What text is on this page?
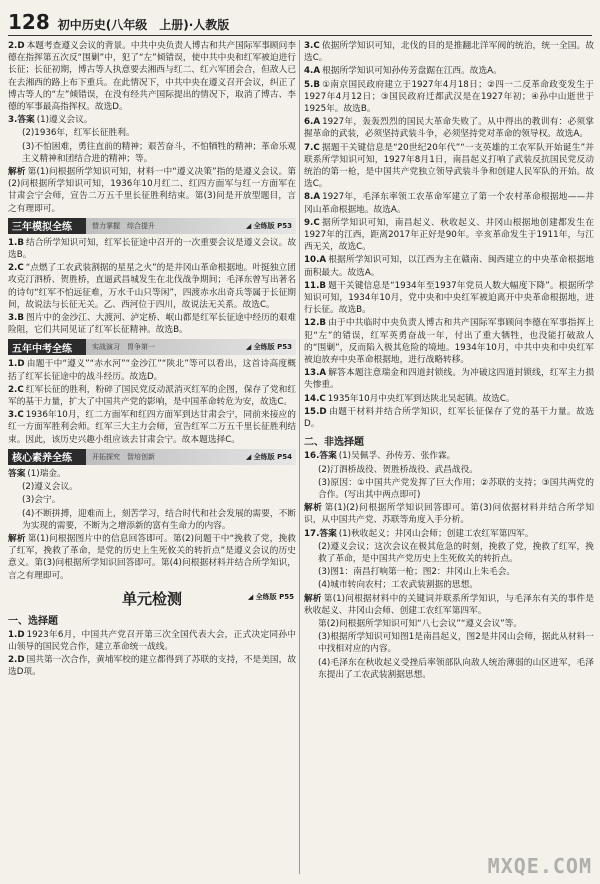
128 初中历史(八年级　上册)·人教版

2.D 本题考查遵义会议的背景。中共中央负责人博古和共产国际军事顾问李德在指挥第五次反“围剿”中，犯了“左”倾错误，使中共中央和红军被迫进行长征；长征初期，博古等人执意要去湘西与红二、红六军团会合，但敌人已在去湘西的路上布下重兵。在此情况下，中共中央在遵义召开会议，纠正了博古等人的“左”倾错误，在没有经共产国际提出的情况下，取消了博古、李德的军事最高指挥权。故选D。

3.答案 (1)遵义会议。

(2)1936年，红军长征胜利。

(3)不怕困难，勇往直前的精神；艰苦奋斗，不怕牺牲的精神；革命乐观主义精神和团结合进的精神；等。

解析 第(1)问根据所学知识可知，材料一中“遵义决策”指的是遵义会议。第(2)问根据所学知识可知，1936年10月红二、红四方面军与红一方面军在甘肃会宁会师，宣告二万五千里长征胜利结束。第(3)问是开放型题目，言之有理即可。

三年模拟全练	替力掌握　综合提升	◢ 全练版 P53

1.B 结合所学知识可知，红军长征途中召开的一次重要会议是遵义会议。故选B。

2.C “点燃了工农武装割据的星星之火”的是井冈山革命根据地。叶挺独立团攻克汀泗桥、贺胜桥，直逼武昌城发生在北伐战争期间；毛泽东曾写出著名的诗句“红军不怕远征难，万水千山只等闲”，四渡赤水出奇兵等属于长征期间，故说法与长征无关。乙、西河位于四川，故说法无关系。故选C。

3.B 图片中的金沙江、大渡河、泸定桥、岷山都是红军长征途中经历的艰难险阻，它们共同见证了红军长征精神。故选B。

五年中考全练	实战演习　胃争第一	◢ 全练版 P53

1.D 由题干中“遵义”“赤水河”“金沙江”“陕北”等可以看出，这首诗高度概括了红军长征途中的战斗经历。故选D。

2.C 红军长征的胜利，粉碎了国民党反动派消灭红军的企图，保存了党和红军的基干力量，扩大了中国共产党的影响，是中国革命转危为安，故选C。

3.C 1936年10月，红二方面军和红四方面军到达甘肃会宁，同前来接应的红一方面军胜利会师。红军三大主力会师，宣告红军二万五千里长征胜利结束。因此，该历史兴趣小组应该去甘肃会宁。故本题选择C。

核心素养全练	开拓探究　智培创新	◢ 全练版 P54

答案 (1)瑞金。

(2)遵义会议。

(3)会宁。

(4)不断拼搏，迎难而上，刻苦学习，结合时代和社会发展的需要，不断为实现的需要，不断为之增添新的富有生命力的内容。

解析 第(1)问根据图片中的信息回答即可。第(2)问题干中“挽救了党，挽救了红军，挽救了革命，是党的历史上生死攸关的转折点”是遵义会议的历史意义。第(3)问根据所学知识回答即可。第(4)问根据材料并结合所学知识，言之有理即可。

单元检测	◢ 全练版 P55
一、选择题

1.D 1923年6月，中国共产党召开第三次全国代表大会，正式决定同孙中山领导的国民党合作，建立革命统一战线。

2.D 国共第一次合作，黄埔军校的建立都得到了苏联的支持，不是美国，故选D项。

3.C 依据所学知识可知，北伐的目的是推翻北洋军阀的统治，统一全国。故选C。

4.A 根据所学知识可知孙传芳盘踞在江西。故选A。

5.B ①南京国民政府建立于1927年4月18日；②四一二反革命政变发生于1927年4月12日；③国民政府迁都武汉是在1927年初；④孙中山逝世于1925年。故选B。

6.A 1927年，轰轰烈烈的国民大革命失败了。从中得出的教训有：必须掌握革命的武装，必须坚持武装斗争，必须坚持党对革命的领导权。故选A。

7.C 据题干关键信息是“20世纪20年代”“一支英雄的工农军队开始诞生”并联系所学知识可知，1927年8月1日，南昌起义打响了武装反抗国民党反动统治的第一枪，是中国共产党独立领导武装斗争和创建人民军队的开始。故选C。

8.A 1927年，毛泽东率领工农革命军建立了第一个农村革命根据地——井冈山革命根据地。故选A。

9.C 据所学知识可知，南昌起义、秋收起义、井冈山根据地创建都发生在1927年的江西，距离2017年正好是90年。辛亥革命发生于1911年，与江西无关，故选C。

10.A 根据所学知识可知，以江西为主在赣南、闽西建立的中央革命根据地面积最大。故选A。

11.B 题干关键信息是“1934年至1937年党员人数大幅度下降”。根据所学知识可知，1934年10月，党中央和中央红军被迫离开中央革命根据地，进行长征。故选B。

12.B 由于中共临时中央负责人博古和共产国际军事顾问李德在军事指挥上犯“左”的错误，红军英勇奋战一年，付出了重大牺牲，也没能打破敌人的“围剿”，反而陷入极其危险的境地。1934年10月，中共中央和中央红军被迫放弃中央革命根据地，进行战略转移。

13.A 解答本题注意瑞金和四道封锁线。为冲破这四道封锁线，红军主力损失惨重。

14.C 1935年10月中央红军到达陕北吴起镇。故选C。

15.D 由题干材料并结合所学知识，红军长征保存了党的基干力量。故选D。

二、非选择题

16.答案 (1)吴佩孚、孙传芳、张作霖。

(2)汀泗桥战役、贺胜桥战役、武昌战役。

(3)原因：①中国共产党发挥了巨大作用；②苏联的支持；③国共两党的合作。(写出其中两点即可)

解析 第(1)(2)问根据所学知识回答即可。第(3)问依据材料并结合所学知识，从中国共产党、苏联等角度入手分析。

17.答案 (1)秋收起义；井冈山会师；创建工农红军第四军。

(2)遵义会议；这次会议在极其危急的时刻，挽救了党，挽救了红军，挽救了革命，是中国共产党历史上生死攸关的转折点。

(3)图1：南昌打响第一枪；图2：井冈山上朱毛会。

(4)城市转向农村；工农武装割据的思想。

解析 第(1)问根据材料中的关键词并联系所学知识，与毛泽东有关的事件是秋收起义、井冈山会师、创建工农红军第四军。

第(2)问根据所学知识可知“八七会议”“遵义会议”等。

(3)根据所学知识可知图1是南昌起义，图2是井冈山会师，据此从材料一中找相对应的内容。

(4)毛泽东在秋收起义受挫后率领部队向敌人统治薄弱的山区进军，毛泽东提出了工农武装割据思想。

MXQE.COM
